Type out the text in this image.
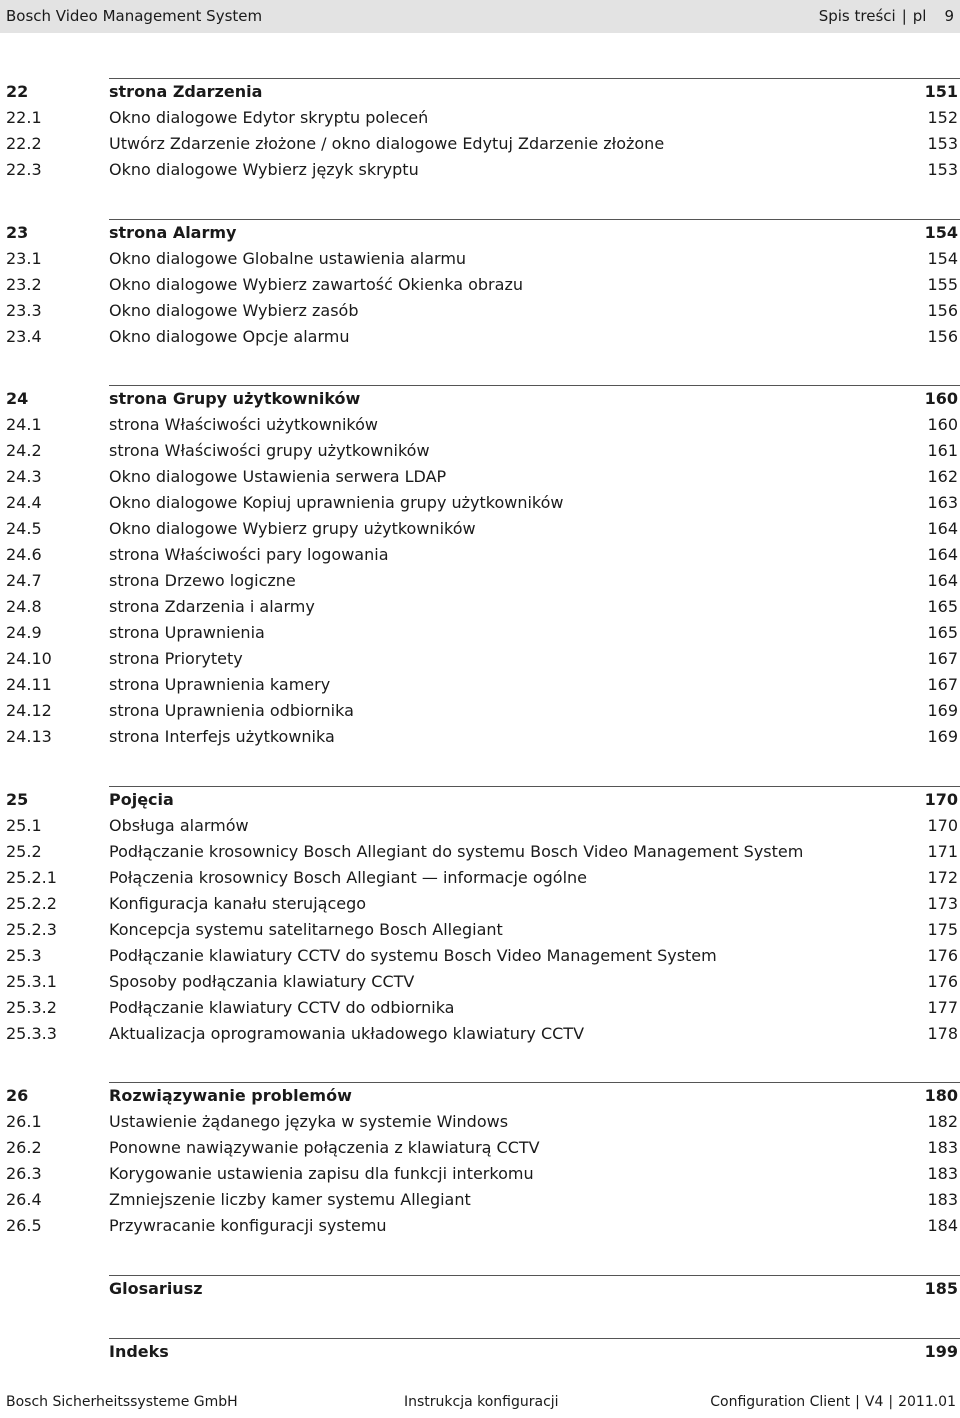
Bosch Video Management System	Spis treści | pl 9
22	strona Zdarzenia	151
22.1	Okno dialogowe Edytor skryptu poleceń	152
22.2	Utwórz Zdarzenie złożone / okno dialogowe Edytuj Zdarzenie złożone	153
22.3	Okno dialogowe Wybierz język skryptu	153
23	strona Alarmy	154
23.1	Okno dialogowe Globalne ustawienia alarmu	154
23.2	Okno dialogowe Wybierz zawartość Okienka obrazu	155
23.3	Okno dialogowe Wybierz zasób	156
23.4	Okno dialogowe Opcje alarmu	156
24	strona Grupy użytkowników	160
24.1	strona Właściwości użytkowników	160
24.2	strona Właściwości grupy użytkowników	161
24.3	Okno dialogowe Ustawienia serwera LDAP	162
24.4	Okno dialogowe Kopiuj uprawnienia grupy użytkowników	163
24.5	Okno dialogowe Wybierz grupy użytkowników	164
24.6	strona Właściwości pary logowania	164
24.7	strona Drzewo logiczne	164
24.8	strona Zdarzenia i alarmy	165
24.9	strona Uprawnienia	165
24.10	strona Priorytety	167
24.11	strona Uprawnienia kamery	167
24.12	strona Uprawnienia odbiornika	169
24.13	strona Interfejs użytkownika	169
25	Pojęcia	170
25.1	Obsługa alarmów	170
25.2	Podłączanie krosownicy Bosch Allegiant do systemu Bosch Video Management System	171
25.2.1	Połączenia krosownicy Bosch Allegiant — informacje ogólne	172
25.2.2	Konfiguracja kanału sterującego	173
25.2.3	Koncepcja systemu satelitarnego Bosch Allegiant	175
25.3	Podłączanie klawiatury CCTV do systemu Bosch Video Management System	176
25.3.1	Sposoby podłączania klawiatury CCTV	176
25.3.2	Podłączanie klawiatury CCTV do odbiornika	177
25.3.3	Aktualizacja oprogramowania układowego klawiatury CCTV	178
26	Rozwiązywanie problemów	180
26.1	Ustawienie żądanego języka w systemie Windows	182
26.2	Ponowne nawiązywanie połączenia z klawiaturą CCTV	183
26.3	Korygowanie ustawienia zapisu dla funkcji interkomu	183
26.4	Zmniejszenie liczby kamer systemu Allegiant	183
26.5	Przywracanie konfiguracji systemu	184
Glosariusz	185
Indeks	199
Bosch Sicherheitssysteme GmbH	Instrukcja konfiguracji	Configuration Client | V4 | 2011.01
